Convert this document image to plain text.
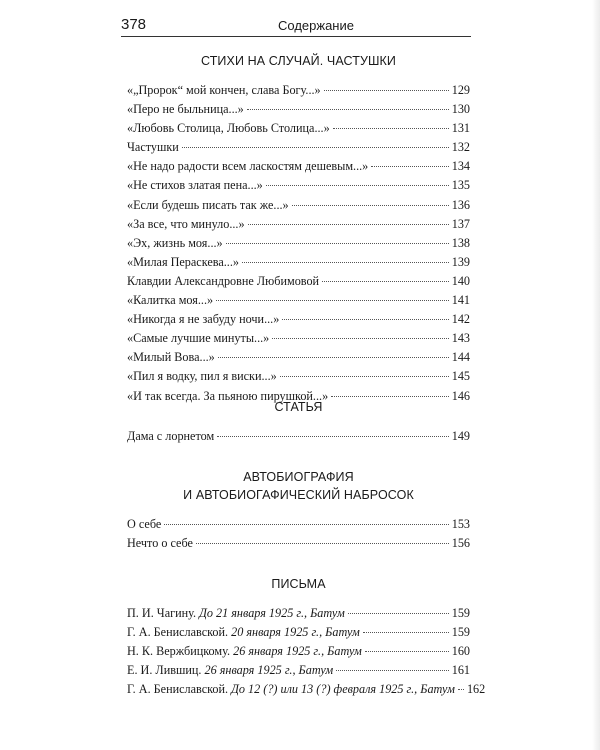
378	Содержание
СТИХИ НА СЛУЧАЙ. ЧАСТУШКИ
«„Пророк“ мой кончен, слава Богу...»	129
«Перо не быльница...»	130
«Любовь Столица, Любовь Столица...»	131
Частушки	132
«Не надо радости всем ласкостям дешевым...»	134
«Не стихов златая пена...»	135
«Если будешь писать так же...»	136
«За все, что минуло...»	137
«Эх, жизнь моя...»	138
«Милая Пераскева...»	139
Клавдии Александровне Любимовой	140
«Калитка моя...»	141
«Никогда я не забуду ночи...»	142
«Самые лучшие минуты...»	143
«Милый Вова...»	144
«Пил я водку, пил я виски...»	145
«И так всегда. За пьяною пирушкой...»	146
СТАТЬЯ
Дама с лорнетом	149
АВТОБИОГРАФИЯ
И АВТОБИОГАФИЧЕСКИЙ НАБРОСОК
О себе	153
Нечто о себе	156
ПИСЬМА
П. И. Чагину. До 21 января 1925 г., Батум	159
Г. А. Бениславской. 20 января 1925 г., Батум	159
Н. К. Вержбицкому. 26 января 1925 г., Батум	160
Е. И. Лившиц. 26 января 1925 г., Батум	161
Г. А. Бениславской. До 12 (?) или 13 (?) февраля 1925 г., Батум 162
